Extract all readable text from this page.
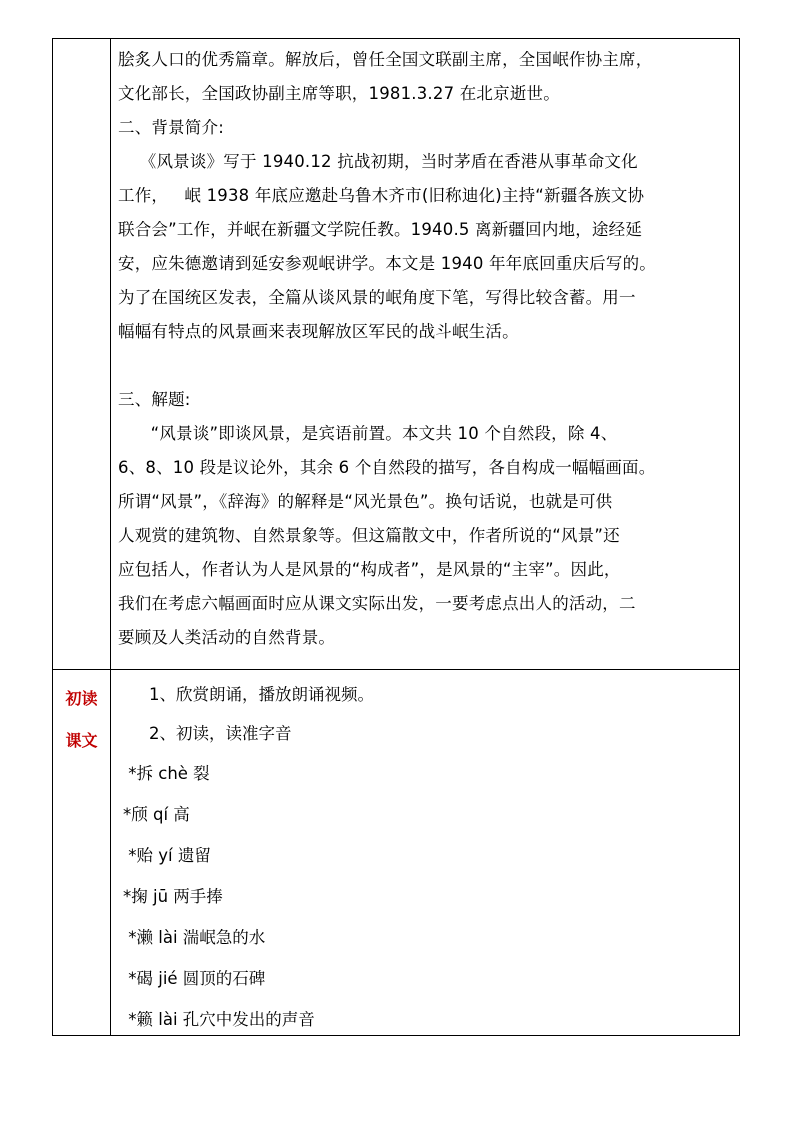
脍炙人口的优秀篇章。解放后，曾任全国文联副主席，全国岷作协主席，

文化部长，全国政协副主席等职，1981.3.27 在北京逝世。

二、背景简介:

《风景谈》写于 1940.12 抗战初期，当时茅盾在香港从事革命文化

工作，   岷 1938 年底应邀赴乌鲁木齐市(旧称迪化)主持“新疆各族文协

联合会”工作，并岷在新疆文学院任教。1940.5 离新疆回内地，途经延

安，应朱德邀请到延安参观岷讲学。本文是 1940 年年底回重庆后写的。

为了在国统区发表，全篇从谈风景的岷角度下笔，写得比较含蓄。用一

幅幅有特点的风景画来表现解放区军民的战斗岷生活。

三、解题:

“风景谈”即谈风景，是宾语前置。本文共 10 个自然段，除 4、

6、8、10 段是议论外，其余 6 个自然段的描写，各自构成一幅幅画面。

所谓“风景”，《辞海》的解释是“风光景色”。换句话说，也就是可供

人观赏的建筑物、自然景象等。但这篇散文中，作者所说的“风景”还

应包括人，作者认为人是风景的“构成者”，是风景的“主宰”。因此，

我们在考虑六幅画面时应从课文实际出发，一要考虑点出人的活动，二

要顾及人类活动的自然背景。

初读
课文

1、欣赏朗诵，播放朗诵视频。

2、初读，读准字音

*拆 chè 裂

*颀 qí 高

*贻 yí 遗留

*掬 jū 两手捧

*濑 lài 湍岷急的水

*碣 jié 圆顶的石碑

*籁 lài 孔穴中发出的声音
